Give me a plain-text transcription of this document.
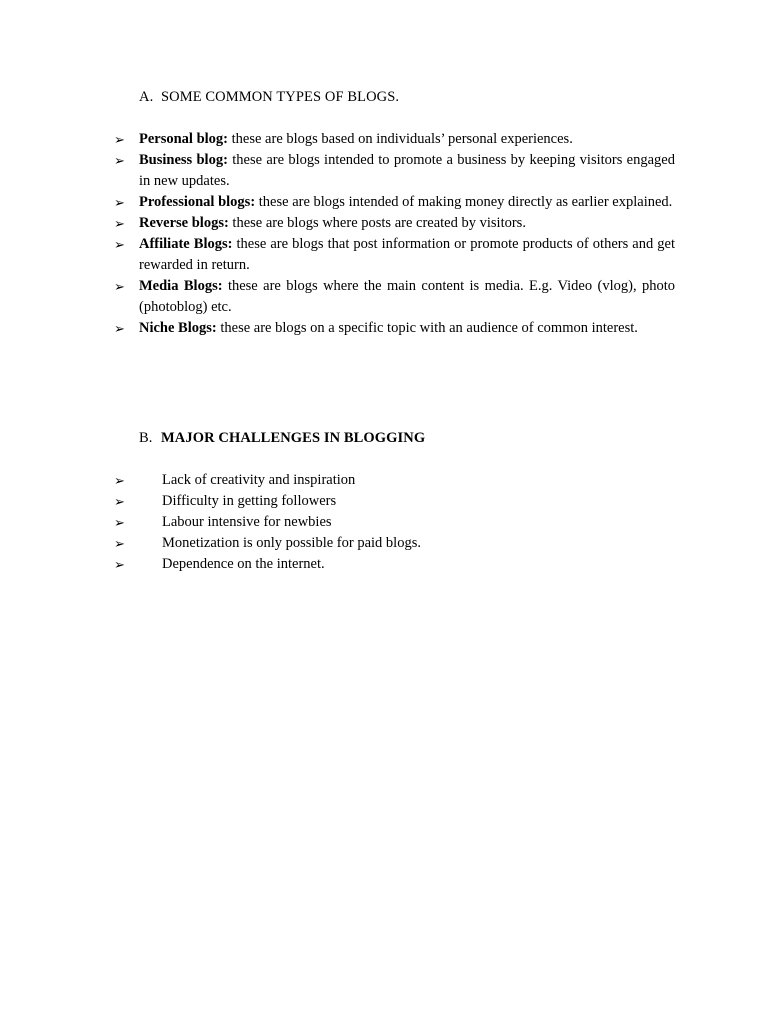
A. SOME COMMON TYPES OF BLOGS.
➢ Personal blog: these are blogs based on individuals’ personal experiences.
➢ Business blog: these are blogs intended to promote a business by keeping visitors engaged in new updates.
➢ Professional blogs: these are blogs intended of making money directly as earlier explained.
➢ Reverse blogs: these are blogs where posts are created by visitors.
➢ Affiliate Blogs: these are blogs that post information or promote products of others and get rewarded in return.
➢ Media Blogs: these are blogs where the main content is media. E.g. Video (vlog), photo (photoblog) etc.
➢ Niche Blogs: these are blogs on a specific topic with an audience of common interest.
B. MAJOR CHALLENGES IN BLOGGING
➢	Lack of creativity and inspiration
➢	Difficulty in getting followers
➢	Labour intensive for newbies
➢	Monetization is only possible for paid blogs.
➢	Dependence on the internet.
